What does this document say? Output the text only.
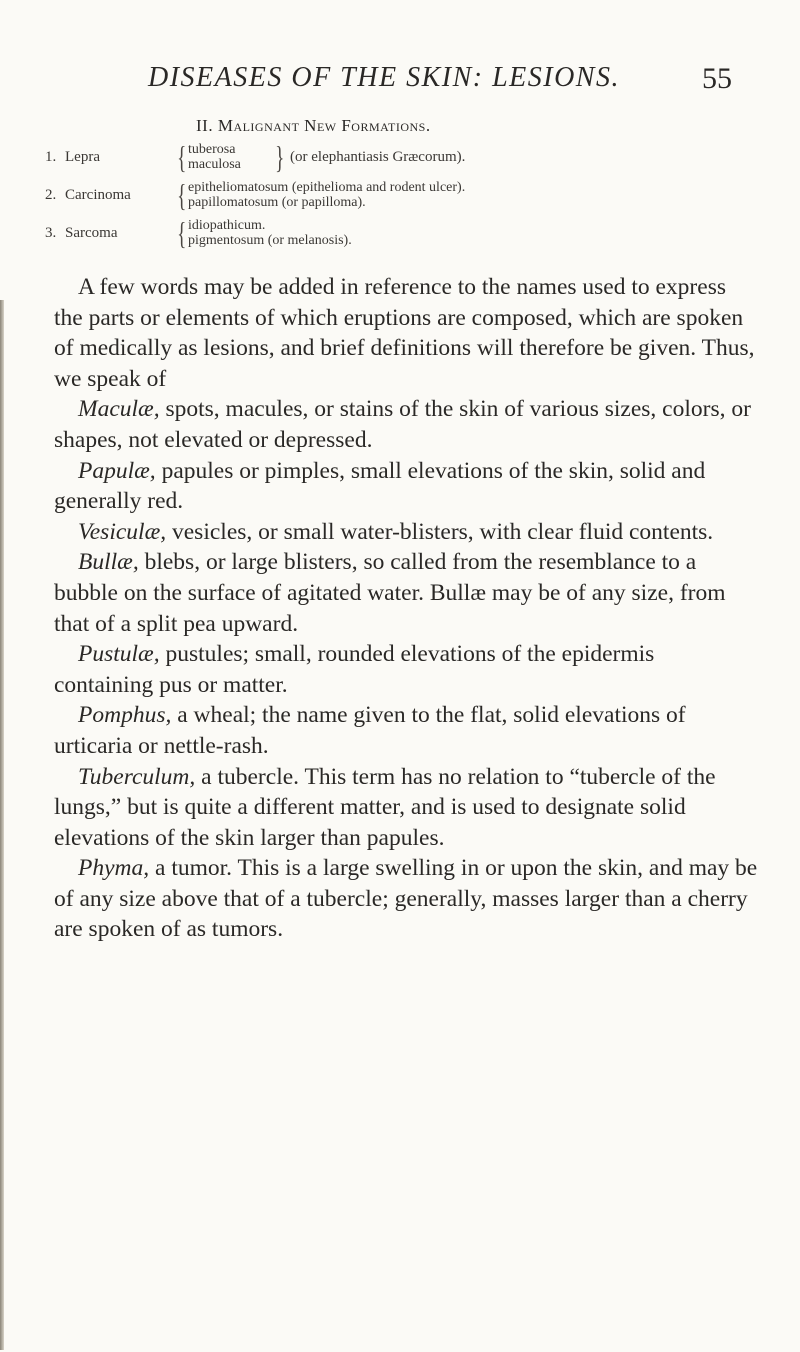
DISEASES OF THE SKIN: LESIONS.	55
II. Malignant New Formations.
1. Lepra { tuberosa
maculosa } (or elephantiasis Græcorum).
2. Carcinoma { epitheliomatosum (epithelioma and rodent ulcer).
papillomatosum (or papilloma).
3. Sarcoma { idiopathicum.
pigmentosum (or melanosis).

A few words may be added in reference to the names used to express the parts or elements of which eruptions are composed, which are spoken of medically as lesions, and brief definitions will therefore be given. Thus, we speak of

Maculæ, spots, macules, or stains of the skin of various sizes, colors, or shapes, not elevated or depressed.

Papulæ, papules or pimples, small elevations of the skin, solid and generally red.

Vesiculæ, vesicles, or small water-blisters, with clear fluid contents.

Bullæ, blebs, or large blisters, so called from the resemblance to a bubble on the surface of agitated water. Bullæ may be of any size, from that of a split pea upward.

Pustulæ, pustules; small, rounded elevations of the epidermis containing pus or matter.

Pomphus, a wheal; the name given to the flat, solid elevations of urticaria or nettle-rash.

Tuberculum, a tubercle. This term has no relation to “tubercle of the lungs,” but is quite a different matter, and is used to designate solid elevations of the skin larger than papules.

Phyma, a tumor. This is a large swelling in or upon the skin, and may be of any size above that of a tubercle; generally, masses larger than a cherry are spoken of as tumors.
